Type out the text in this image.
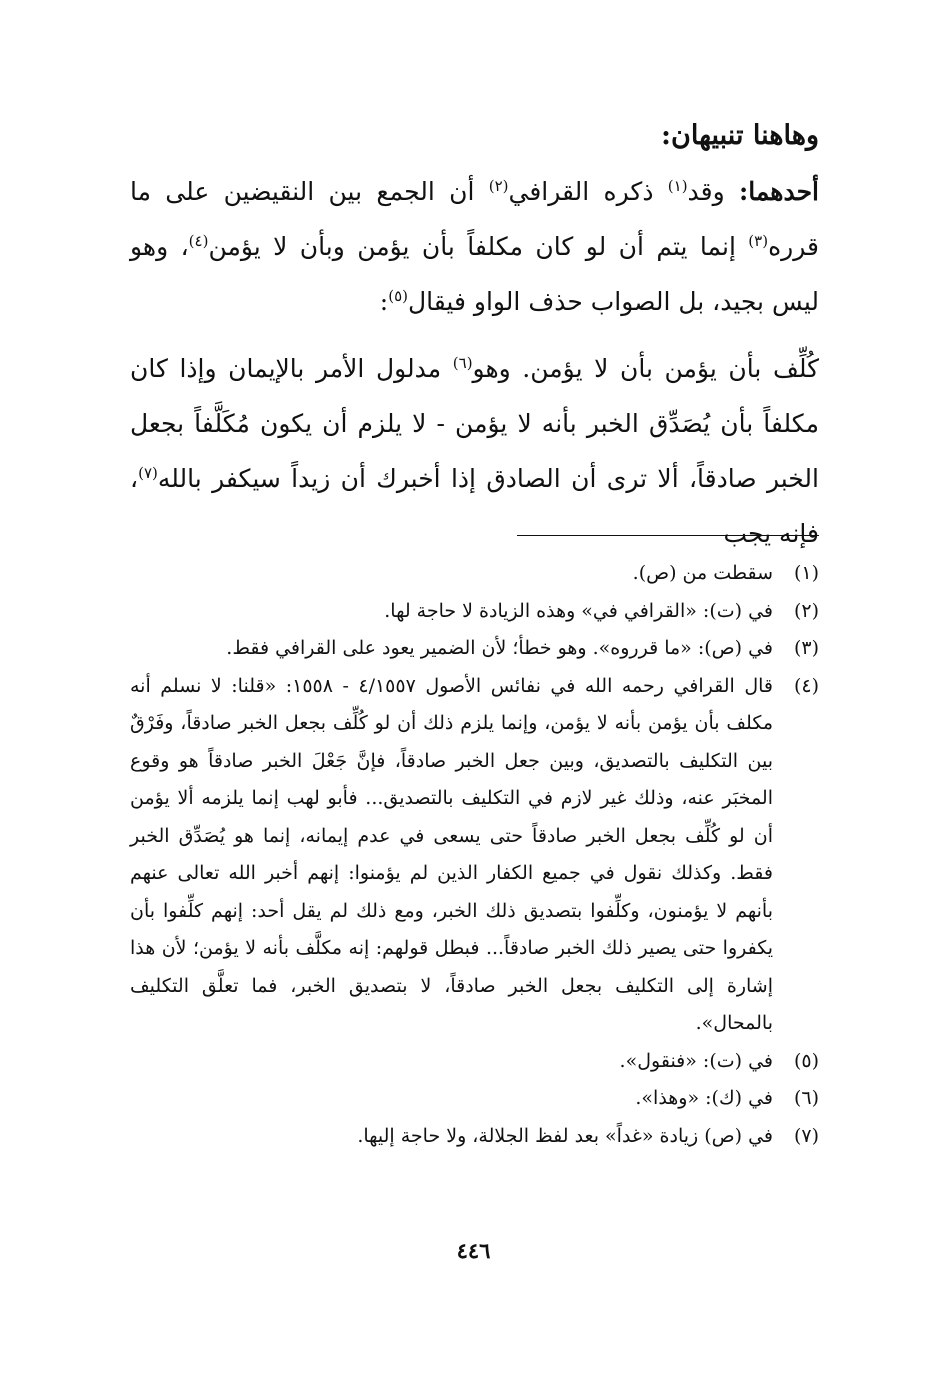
وهاهنا تنبيهان:

أحدهما: وقد$^{(١)}$ ذكره القرافي$^{(٢)}$ أن الجمع بين النقيضين على ما قرره$^{(٣)}$ إنما يتم أن لو كان مكلفاً بأن يؤمن وبأن لا يؤمن$^{(٤)}$، وهو ليس بجيد، بل الصواب حذف الواو فيقال$^{(٥)}$:

كُلِّف بأن يؤمن بأن لا يؤمن. وهو$^{(٦)}$ مدلول الأمر بالإيمان وإذا كان مكلفاً بأن يُصَدِّق الخبر بأنه لا يؤمن - لا يلزم أن يكون مُكَلَّفاً بجعل الخبر صادقاً، ألا ترى أن الصادق إذا أخبرك أن زيداً سيكفر بالله$^{(٧)}$، فإنه يجب

(١)
سقطت من (ص).
(٢)
في (ت): «القرافي في» وهذه الزيادة لا حاجة لها.
(٣)
في (ص): «ما قرروه». وهو خطأ؛ لأن الضمير يعود على القرافي فقط.
(٤)
قال القرافي رحمه الله في نفائس الأصول ٤/١٥٥٧ - ١٥٥٨: «قلنا: لا نسلم أنه مكلف بأن يؤمن بأنه لا يؤمن، وإنما يلزم ذلك أن لو كُلِّف بجعل الخبر صادقاً، وفَرْقٌ بين التكليف بالتصديق، وبين جعل الخبر صادقاً، فإنَّ جَعْلَ الخبر صادقاً هو وقوع المخبَر عنه، وذلك غير لازم في التكليف بالتصديق... فأبو لهب إنما يلزمه ألا يؤمن أن لو كُلِّف بجعل الخبر صادقاً حتى يسعى في عدم إيمانه، إنما هو يُصَدِّق الخبر فقط. وكذلك نقول في جميع الكفار الذين لم يؤمنوا: إنهم أخبر الله تعالى عنهم بأنهم لا يؤمنون، وكلِّفوا بتصديق ذلك الخبر، ومع ذلك لم يقل أحد: إنهم كلِّفوا بأن يكفروا حتى يصير ذلك الخبر صادقاً... فبطل قولهم: إنه مكلَّف بأنه لا يؤمن؛ لأن هذا إشارة إلى التكليف بجعل الخبر صادقاً، لا بتصديق الخبر، فما تعلَّق التكليف بالمحال».
(٥)
في (ت): «فنقول».
(٦)
في (ك): «وهذا».
(٧)
في (ص) زيادة «غداً» بعد لفظ الجلالة، ولا حاجة إليها.
٤٤٦
